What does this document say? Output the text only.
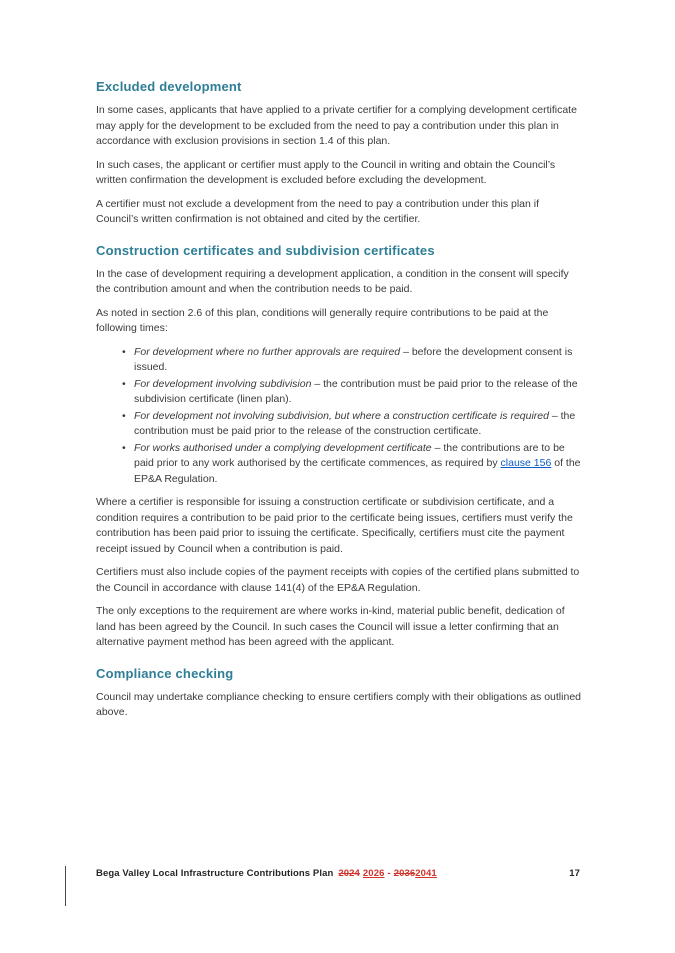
Excluded development

In some cases, applicants that have applied to a private certifier for a complying development certificate may apply for the development to be excluded from the need to pay a contribution under this plan in accordance with exclusion provisions in section 1.4 of this plan.

In such cases, the applicant or certifier must apply to the Council in writing and obtain the Council’s written confirmation the development is excluded before excluding the development.

A certifier must not exclude a development from the need to pay a contribution under this plan if Council’s written confirmation is not obtained and cited by the certifier.

Construction certificates and subdivision certificates

In the case of development requiring a development application, a condition in the consent will specify the contribution amount and when the contribution needs to be paid.

As noted in section 2.6 of this plan, conditions will generally require contributions to be paid at the following times:

• For development where no further approvals are required – before the development consent is issued.
• For development involving subdivision – the contribution must be paid prior to the release of the subdivision certificate (linen plan).
• For development not involving subdivision, but where a construction certificate is required – the contribution must be paid prior to the release of the construction certificate.
• For works authorised under a complying development certificate – the contributions are to be paid prior to any work authorised by the certificate commences, as required by clause 156 of the EP&A Regulation.

Where a certifier is responsible for issuing a construction certificate or subdivision certificate, and a condition requires a contribution to be paid prior to the certificate being issues, certifiers must verify the contribution has been paid prior to issuing the certificate. Specifically, certifiers must cite the payment receipt issued by Council when a contribution is paid.

Certifiers must also include copies of the payment receipts with copies of the certified plans submitted to the Council in accordance with clause 141(4) of the EP&A Regulation.

The only exceptions to the requirement are where works in-kind, material public benefit, dedication of land has been agreed by the Council. In such cases the Council will issue a letter confirming that an alternative payment method has been agreed with the applicant.

Compliance checking

Council may undertake compliance checking to ensure certifiers comply with their obligations as outlined above.

Bega Valley Local Infrastructure Contributions Plan 2024 2026 - 20362041	17
